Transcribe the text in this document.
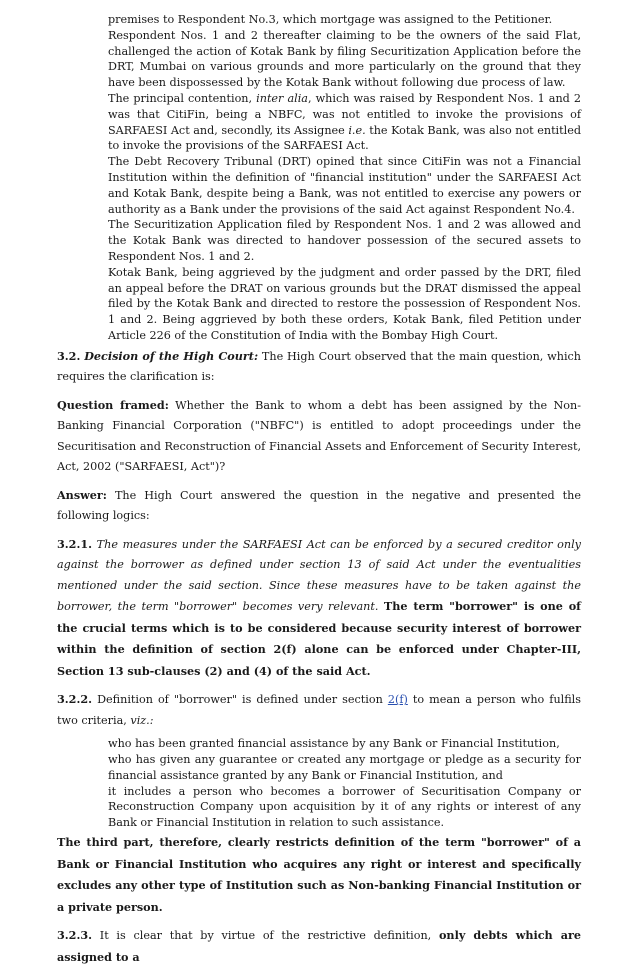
premises to Respondent No.3, which mortgage was assigned to the Petitioner.

Respondent Nos. 1 and 2 thereafter claiming to be the owners of the said Flat, challenged the action of Kotak Bank by filing Securitization Application before the DRT, Mumbai on various grounds and more particularly on the ground that they have been dispossessed by the Kotak Bank without following due process of law.

The principal contention, inter alia, which was raised by Respondent Nos. 1 and 2 was that CitiFin, being a NBFC, was not entitled to invoke the provisions of SARFAESI Act and, secondly, its Assignee i.e. the Kotak Bank, was also not entitled to invoke the provisions of the SARFAESI Act.

The Debt Recovery Tribunal (DRT) opined that since CitiFin was not a Financial Institution within the definition of "financial institution" under the SARFAESI Act and Kotak Bank, despite being a Bank, was not entitled to exercise any powers or authority as a Bank under the provisions of the said Act against Respondent No.4.

The Securitization Application filed by Respondent Nos. 1 and 2 was allowed and the Kotak Bank was directed to handover possession of the secured assets to Respondent Nos. 1 and 2.

Kotak Bank, being aggrieved by the judgment and order passed by the DRT, filed an appeal before the DRAT on various grounds but the DRAT dismissed the appeal filed by the Kotak Bank and directed to restore the possession of Respondent Nos. 1 and 2. Being aggrieved by both these orders, Kotak Bank, filed Petition under Article 226 of the Constitution of India with the Bombay High Court.

3.2. Decision of the High Court: The High Court observed that the main question, which requires the clarification is:

Question framed: Whether the Bank to whom a debt has been assigned by the Non-Banking Financial Corporation ("NBFC") is entitled to adopt proceedings under the Securitisation and Reconstruction of Financial Assets and Enforcement of Security Interest, Act, 2002 ("SARFAESI, Act")?

Answer: The High Court answered the question in the negative and presented the following logics:

3.2.1. The measures under the SARFAESI Act can be enforced by a secured creditor only against the borrower as defined under section 13 of said Act under the eventualities mentioned under the said section. Since these measures have to be taken against the borrower, the term "borrower" becomes very relevant. The term "borrower" is one of the crucial terms which is to be considered because security interest of borrower within the definition of section 2(f) alone can be enforced under Chapter-III, Section 13 sub-clauses (2) and (4) of the said Act.

3.2.2. Definition of "borrower" is defined under section 2(f) to mean a person who fulfils two criteria, viz.:

who has been granted financial assistance by any Bank or Financial Institution,

who has given any guarantee or created any mortgage or pledge as a security for financial assistance granted by any Bank or Financial Institution, and

it includes a person who becomes a borrower of Securitisation Company or Reconstruction Company upon acquisition by it of any rights or interest of any Bank or Financial Institution in relation to such assistance.

The third part, therefore, clearly restricts definition of the term "borrower" of a Bank or Financial Institution who acquires any right or interest and specifically excludes any other type of Institution such as Non-banking Financial Institution or a private person.

3.2.3. It is clear that by virtue of the restrictive definition, only debts which are assigned to a
